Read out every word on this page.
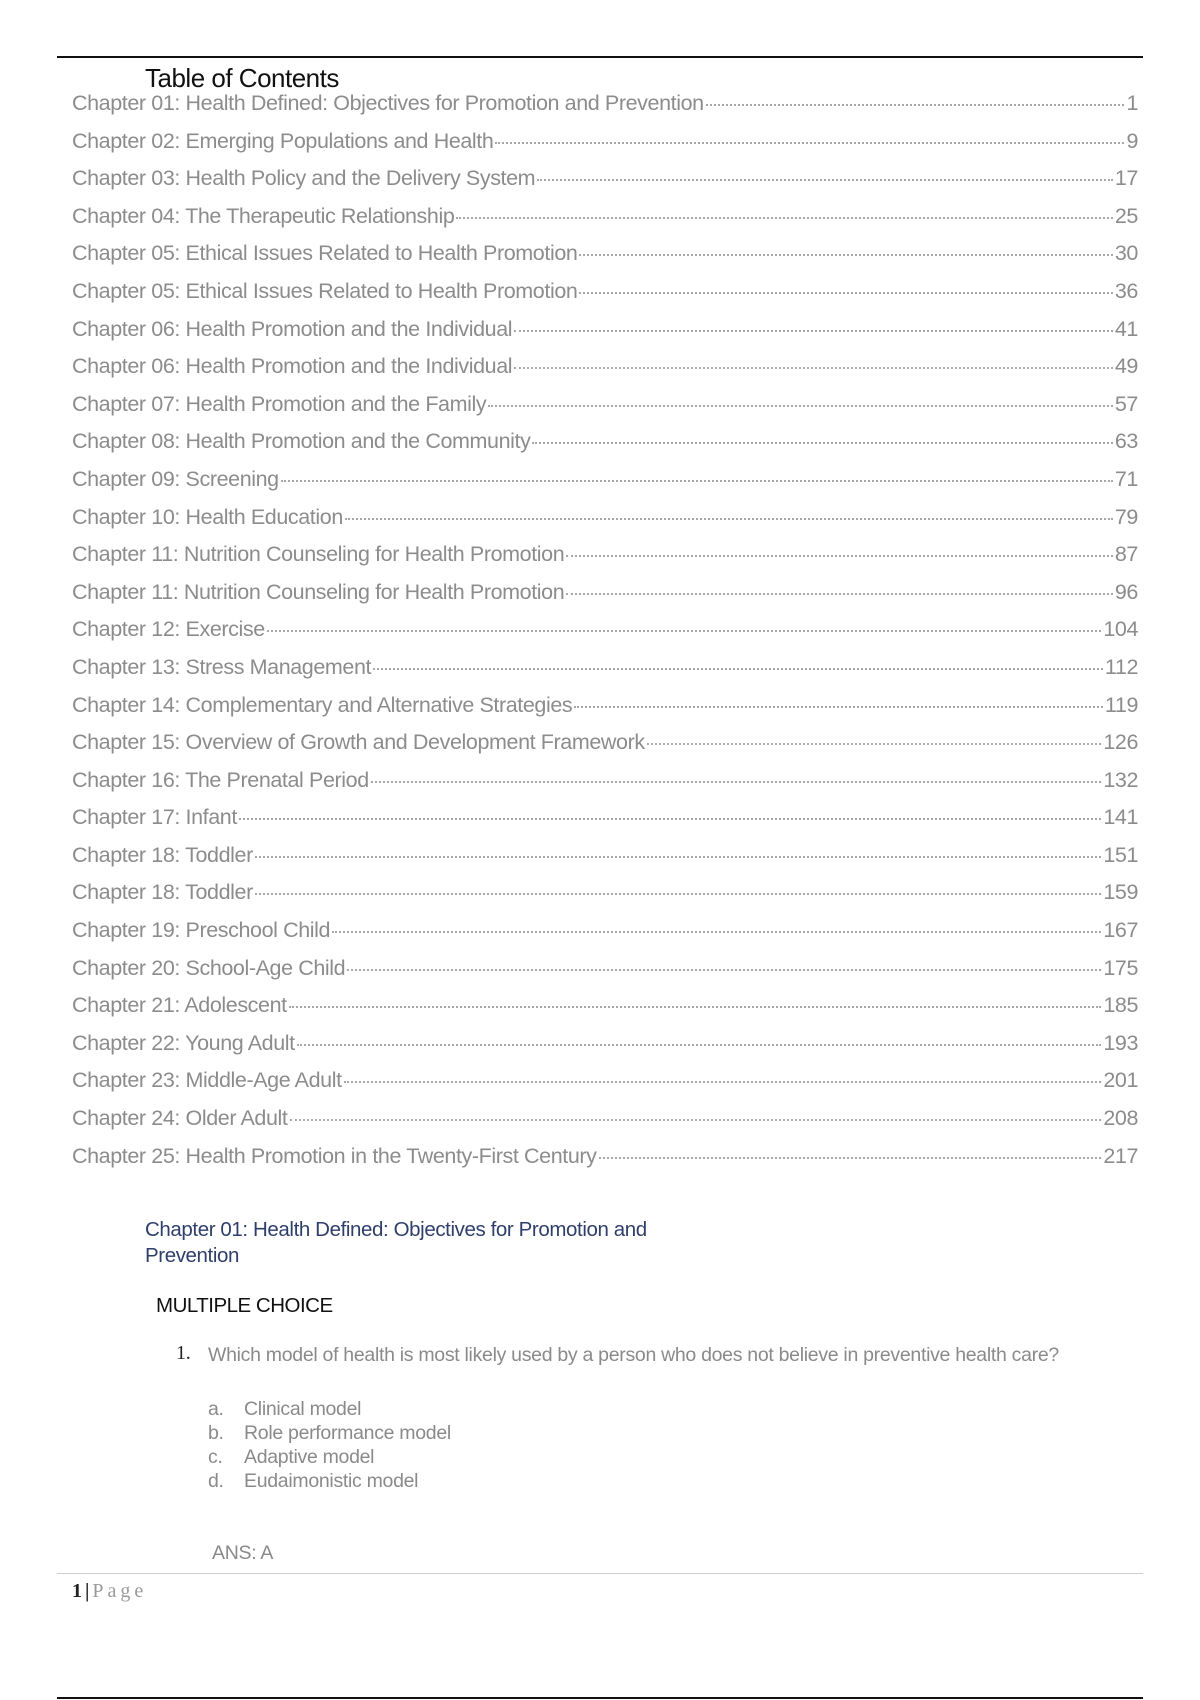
Table of Contents
Chapter 01: Health Defined: Objectives for Promotion and Prevention	1
Chapter 02: Emerging Populations and Health	9
Chapter 03: Health Policy and the Delivery System	17
Chapter 04: The Therapeutic Relationship	25
Chapter 05: Ethical Issues Related to Health Promotion	30
Chapter 05: Ethical Issues Related to Health Promotion	36
Chapter 06: Health Promotion and the Individual	41
Chapter 06: Health Promotion and the Individual	49
Chapter 07: Health Promotion and the Family	57
Chapter 08: Health Promotion and the Community	63
Chapter 09: Screening	71
Chapter 10: Health Education	79
Chapter 11: Nutrition Counseling for Health Promotion	87
Chapter 11: Nutrition Counseling for Health Promotion	96
Chapter 12: Exercise	104
Chapter 13: Stress Management	112
Chapter 14: Complementary and Alternative Strategies	119
Chapter 15: Overview of Growth and Development Framework	126
Chapter 16: The Prenatal Period	132
Chapter 17: Infant	141
Chapter 18: Toddler	151
Chapter 18: Toddler	159
Chapter 19: Preschool Child	167
Chapter 20: School-Age Child	175
Chapter 21: Adolescent	185
Chapter 22: Young Adult	193
Chapter 23: Middle-Age Adult	201
Chapter 24: Older Adult	208
Chapter 25: Health Promotion in the Twenty-First Century	217
Chapter 01: Health Defined: Objectives for Promotion and Prevention
MULTIPLE CHOICE
1. Which model of health is most likely used by a person who does not believe in preventive health care?
a.	Clinical model
b.	Role performance model
c.	Adaptive model
d.	Eudaimonistic model
ANS: A
1 | Page
